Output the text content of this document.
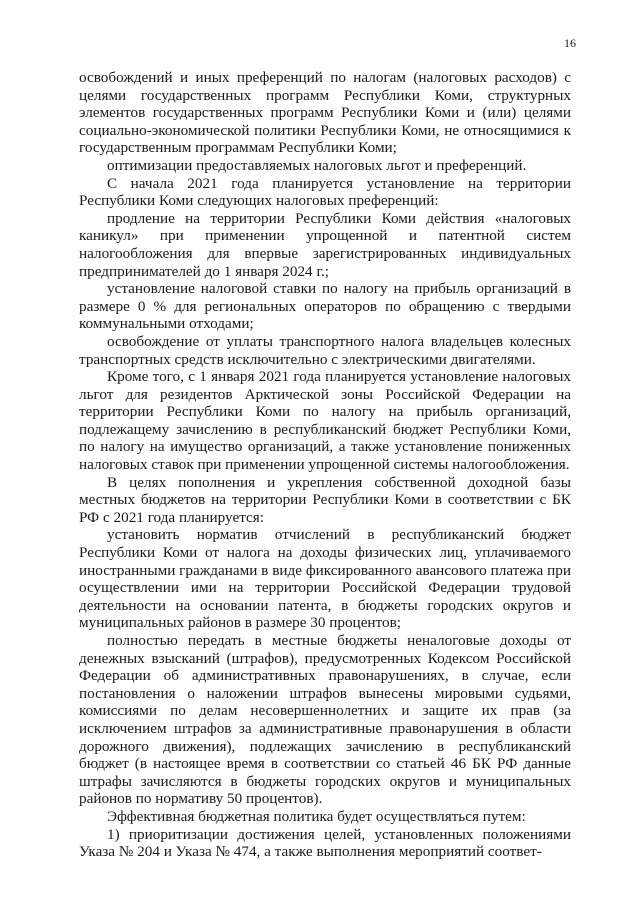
16

освобождений и иных преференций по налогам (налоговых расходов) с целями государственных программ Республики Коми, структурных элементов государственных программ Республики Коми и (или) целями социально-экономической политики Республики Коми, не относящимися к государственным программам Республики Коми;

оптимизации предоставляемых налоговых льгот и преференций.

С начала 2021 года планируется установление на территории Республики Коми следующих налоговых преференций:

продление на территории Республики Коми действия «налоговых каникул» при применении упрощенной и патентной систем налогообложения для впервые зарегистрированных индивидуальных предпринимателей до 1 января 2024 г.;

установление налоговой ставки по налогу на прибыль организаций в размере 0 % для региональных операторов по обращению с твердыми коммунальными отходами;

освобождение от уплаты транспортного налога владельцев колесных транспортных средств исключительно с электрическими двигателями.

Кроме того, с 1 января 2021 года планируется установление налоговых льгот для резидентов Арктической зоны Российской Федерации на территории Республики Коми по налогу на прибыль организаций, подлежащему зачислению в республиканский бюджет Республики Коми, по налогу на имущество организаций, а также установление пониженных налоговых ставок при применении упрощенной системы налогообложения.

В целях пополнения и укрепления собственной доходной базы местных бюджетов на территории Республики Коми в соответствии с БК РФ с 2021 года планируется:

установить норматив отчислений в республиканский бюджет Республики Коми от налога на доходы физических лиц, уплачиваемого иностранными гражданами в виде фиксированного авансового платежа при осуществлении ими на территории Российской Федерации трудовой деятельности на основании патента, в бюджеты городских округов и муниципальных районов в размере 30 процентов;

полностью передать в местные бюджеты неналоговые доходы от денежных взысканий (штрафов), предусмотренных Кодексом Российской Федерации об административных правонарушениях, в случае, если постановления о наложении штрафов вынесены мировыми судьями, комиссиями по делам несовершеннолетних и защите их прав (за исключением штрафов за административные правонарушения в области дорожного движения), подлежащих зачислению в республиканский бюджет (в настоящее время в соответствии со статьей 46 БК РФ данные штрафы зачисляются в бюджеты городских округов и муниципальных районов по нормативу 50 процентов).

Эффективная бюджетная политика будет осуществляться путем:

1) приоритизации достижения целей, установленных положениями Указа № 204 и Указа № 474, а также выполнения мероприятий соответ-
